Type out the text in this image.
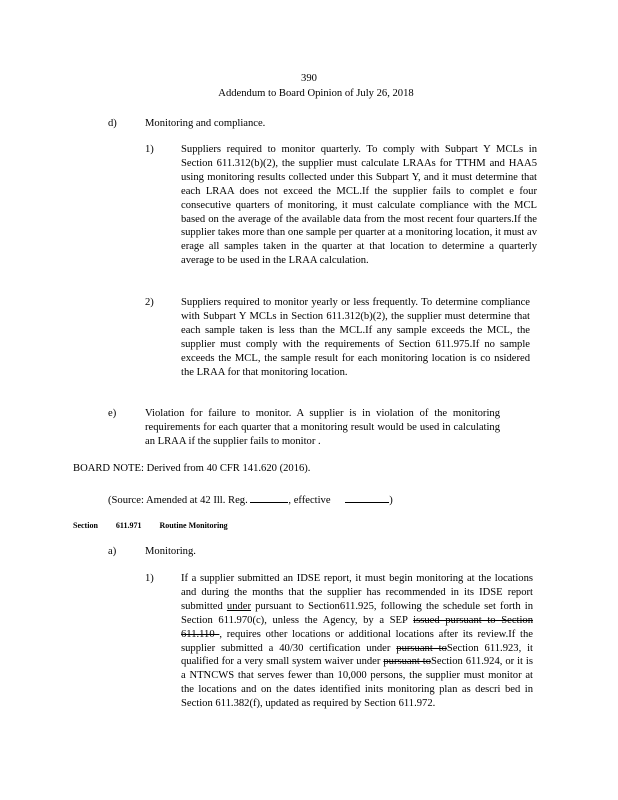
390
Addendum to Board Opinion of July 26, 2018
d)	Monitoring and compliance.
1)	Suppliers required to monitor quarterly. To comply with Subpart Y MCLs in Section 611.312(b)(2), the supplier must calculate LRAAs for TTHM and HAA5 using monitoring results collected under this Subpart Y, and it must determine that each LRAA does not exceed the MCL.If the supplier fails to complet e four consecutive quarters of monitoring, it must calculate compliance with the MCL based on the average of the available data from the most recent four quarters.If the supplier takes more than one sample per quarter at a monitoring location, it must av erage all samples taken in the quarter at that location to determine a quarterly average to be used in the LRAA calculation.
2)	Suppliers required to monitor yearly or less frequently. To determine compliance with Subpart Y MCLs in Section 611.312(b)(2), the supplier must determine that each sample taken is less than the MCL.If any sample exceeds the MCL, the supplier must comply with the requirements of Section 611.975.If no sample exceeds the MCL, the sample result for each monitoring location is co nsidered the LRAA for that monitoring location.
e)	Violation for failure to monitor. A supplier is in violation of the monitoring requirements for each quarter that a monitoring result would be used in calculating an LRAA if the supplier fails to monitor .
BOARD NOTE: Derived from 40 CFR 141.620 (2016).
(Source: Amended at 42 Ill. Reg.	, effective	)
Section 611.971 Routine Monitoring
a)	Monitoring.
1)	If a supplier submitted an IDSE report, it must begin monitoring at the locations and during the months that the supplier has recommended in its IDSE report submitted under pursuant to Section611.925, following the schedule set forth in Section 611.970(c), unless the Agency, by a SEP issued pursuant to Section 611.110 , requires other locations or additional locations after its review.If the supplier submitted a 40/30 certification under pursuant toSection 611.923, it qualified for a very small system waiver under pursuant toSection 611.924, or it is a NTNCWS that serves fewer than 10,000 persons, the supplier must monitor at the locations and on the dates identified inits monitoring plan as descri bed in Section 611.382(f), updated as required by Section 611.972.
